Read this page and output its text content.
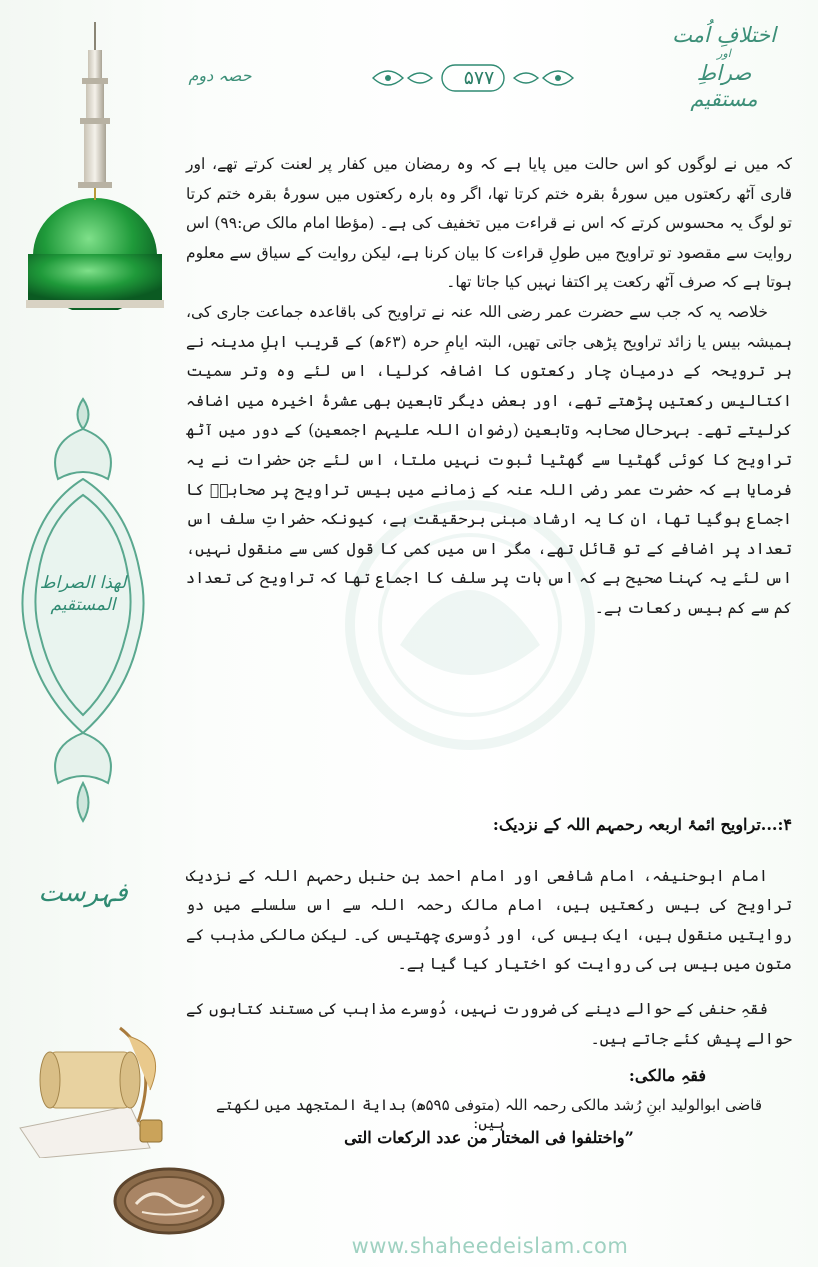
اختلافِ اُمت
اور
صراطِ مستقیم
۵۷۷
حصہ دوم
لهذا الصراط المستقیم
فہرست

کہ میں نے لوگوں کو اس حالت میں پایا ہے کہ وہ رمضان میں کفار پر لعنت کرتے تھے، اور قاری آٹھ رکعتوں میں سورۂ بقرہ ختم کرتا تھا، اگر وہ بارہ رکعتوں میں سورۂ بقرہ ختم کرتا تو لوگ یہ محسوس کرتے کہ اس نے قراءت میں تخفیف کی ہے۔ (مؤطا امام مالک ص:۹۹) اس روایت سے مقصود تو تراویح میں طولِ قراءت کا بیان کرنا ہے، لیکن روایت کے سیاق سے معلوم ہوتا ہے کہ صرف آٹھ رکعت پر اکتفا نہیں کیا جاتا تھا۔

خلاصہ یہ کہ جب سے حضرت عمر رضی اللہ عنہ نے تراویح کی باقاعدہ جماعت جاری کی، ہمیشہ بیس یا زائد تراویح پڑھی جاتی تھیں، البتہ ایامِ حرہ (۶۳ھ) کے قریب اہلِ مدینہ نے ہر ترویحہ کے درمیان چار رکعتوں کا اضافہ کرلیا، اس لئے وہ وتر سمیت اکتالیس رکعتیں پڑھتے تھے، اور بعض دیگر تابعین بھی عشرۂ اخیرہ میں اضافہ کرلیتے تھے۔ بہرحال صحابہ وتابعین (رضوان اللہ علیہم اجمعین) کے دور میں آٹھ تراویح کا کوئی گھٹیا سے گھٹیا ثبوت نہیں ملتا، اس لئے جن حضرات نے یہ فرمایا ہے کہ حضرت عمر رضی اللہ عنہ کے زمانے میں بیس تراویح پر صحابہؓ کا اجماع ہوگیا تھا، ان کا یہ ارشاد مبنی برحقیقت ہے، کیونکہ حضراتِ سلف اس تعداد پر اضافے کے تو قائل تھے، مگر اس میں کمی کا قول کسی سے منقول نہیں، اس لئے یہ کہنا صحیح ہے کہ اس بات پر سلف کا اجماع تھا کہ تراویح کی تعداد کم سے کم بیس رکعات ہے۔

۴:...تراویح ائمۂ اربعہ رحمہم اللہ کے نزدیک:

امام ابوحنیفہ، امام شافعی اور امام احمد بن حنبل رحمہم اللہ کے نزدیک تراویح کی بیس رکعتیں ہیں، امام مالک رحمہ اللہ سے اس سلسلے میں دو روایتیں منقول ہیں، ایک بیس کی، اور دُوسری چھتیس کی۔ لیکن مالکی مذہب کے متون میں بیس ہی کی روایت کو اختیار کیا گیا ہے۔

فقہِ حنفی کے حوالے دینے کی ضرورت نہیں، دُوسرے مذاہب کی مستند کتابوں کے حوالے پیش کئے جاتے ہیں۔

فقہِ مالکی:
قاضی ابوالولید ابنِ رُشد مالکی رحمہ اللہ (متوفی ۵۹۵ھ) بدایة المتجهد میں لکھتے ہیں:
”واختلفوا فی المختار من عدد الرکعات التی
www.shaheedeislam.com
